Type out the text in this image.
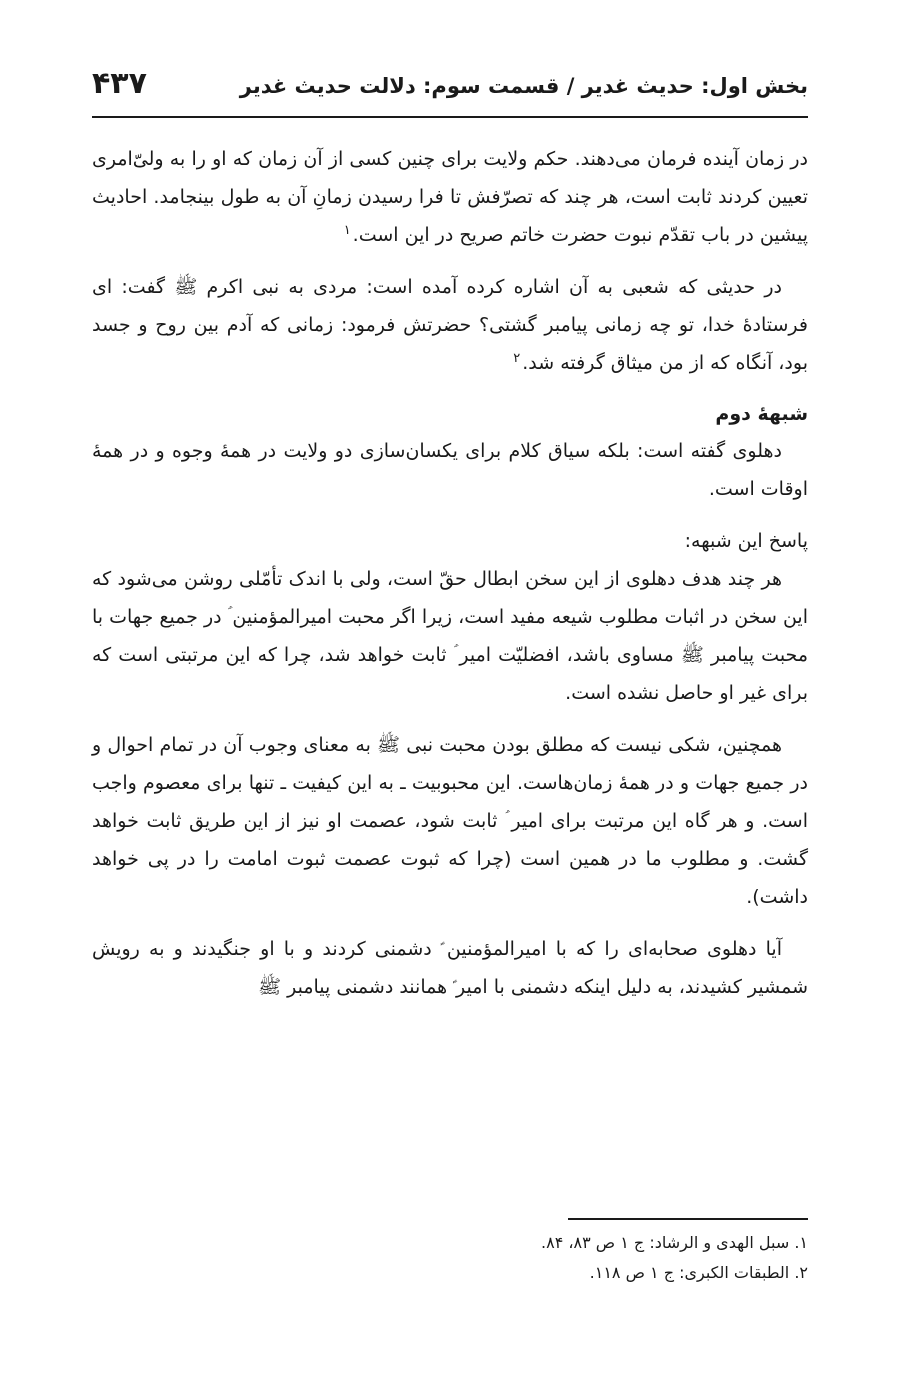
بخش اول: حدیث غدیر / قسمت سوم: دلالت حدیث غدیر
۴۳۷

در زمان آینده فرمان می‌دهند. حکم ولایت برای چنین کسی از آن زمان که او را به ولیّ‌امری تعیین کردند ثابت است، هر چند که تصرّفش تا فرا رسیدن زمانِ آن به طول بینجامد. احادیث پیشین در باب تقدّم نبوت حضرت خاتم صریح در این است.$^۱$

در حدیثی که شعبی به آن اشاره کرده آمده است: مردی به نبی اکرم ﷺ گفت: ای فرستادهٔ خدا، تو چه زمانی پیامبر گشتی؟ حضرتش فرمود: زمانی که آدم بین روح و جسد بود، آنگاه که از من میثاق گرفته شد.$^۲$

شبهۀ دوم

دهلوی گفته است: بلکه سیاق کلام برای یکسان‌سازی دو ولایت در همهٔ وجوه و در همهٔ اوقات است.

پاسخ این شبهه:

هر چند هدف دهلوی از این سخن ابطال حقّ است، ولی با اندک تأمّلی روشن می‌شود که این سخن در اثبات مطلوب شیعه مفید است، زیرا اگر محبت امیرالمؤمنین ؑ در جمیع جهات با محبت پیامبر ﷺ مساوی باشد، افضلیّت امیر ؑ ثابت خواهد شد، چرا که این مرتبتی است که برای غیر او حاصل نشده است.

همچنین، شکی نیست که مطلق بودن محبت نبی ﷺ به معنای وجوب آن در تمام احوال و در جمیع جهات و در همهٔ زمان‌هاست. این محبوبیت ـ به این کیفیت ـ تنها برای معصوم واجب است. و هر گاه این مرتبت برای امیر ؑ ثابت شود، عصمت او نیز از این طریق ثابت خواهد گشت. و مطلوب ما در همین است (چرا که ثبوت عصمت ثبوت امامت را در پی خواهد داشت).

آیا دهلوی صحابه‌ای را که با امیرالمؤمنین ؑ دشمنی کردند و با او جنگیدند و به رویش شمشیر کشیدند، به دلیل اینکه دشمنی با امیر ؑ همانند دشمنی پیامبر ﷺ

۱. سبل الهدی و الرشاد: ج ۱ ص ۸۳، ۸۴.

۲. الطبقات الکبری: ج ۱ ص ۱۱۸.
